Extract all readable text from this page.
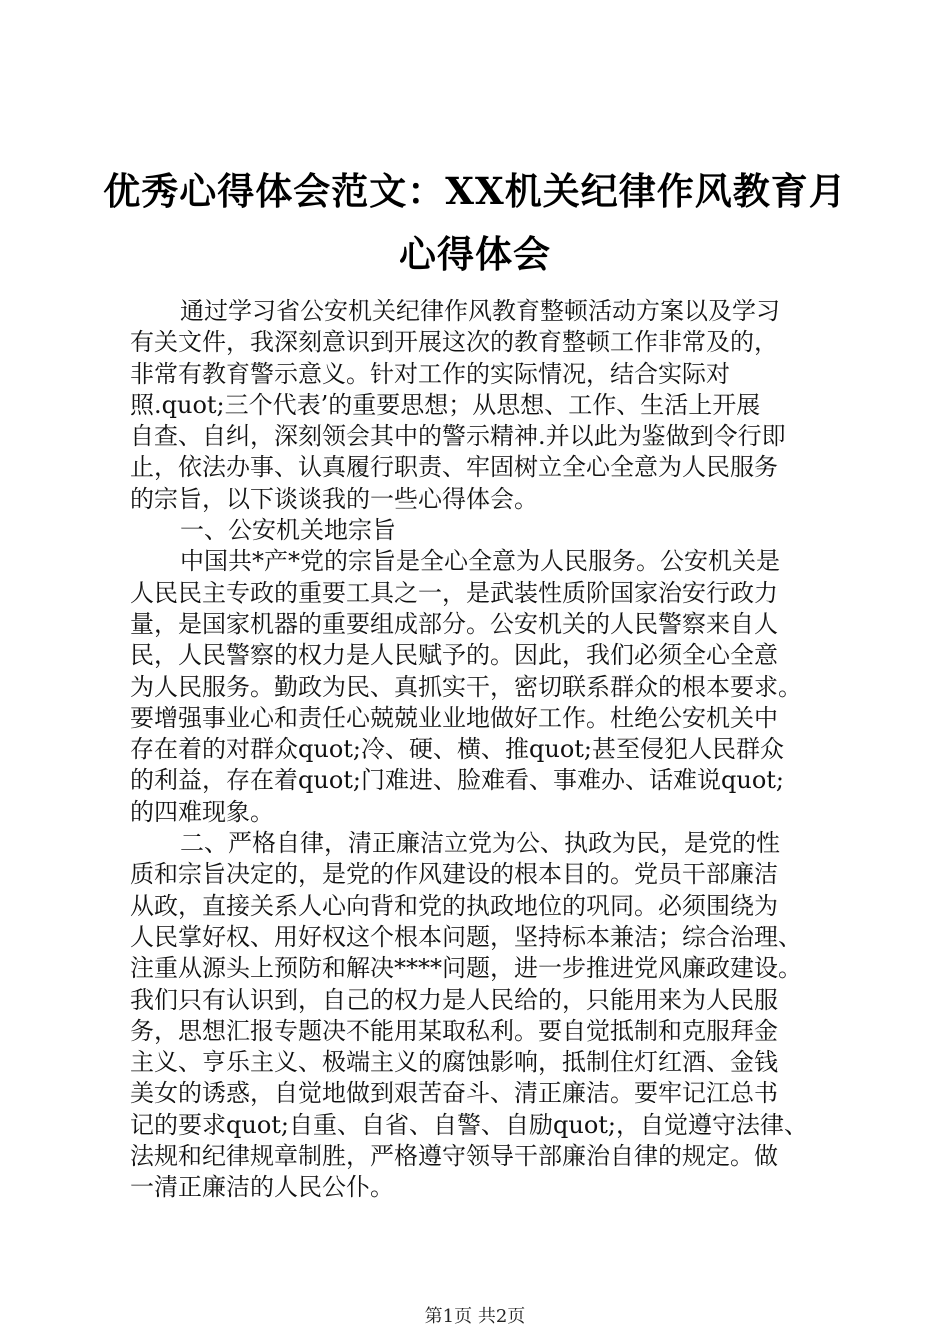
优秀心得体会范文：XX机关纪律作风教育月
心得体会
通过学习省公安机关纪律作风教育整顿活动方案以及学习
有关文件，我深刻意识到开展这次的教育整顿工作非常及的，
非常有教育警示意义。针对工作的实际情况，结合实际对
照.quot;三个代表’的重要思想；从思想、工作、生活上开展
自查、自纠，深刻领会其中的警示精神.并以此为鉴做到令行即
止，依法办事、认真履行职责、牢固树立全心全意为人民服务
的宗旨，以下谈谈我的一些心得体会。
一、公安机关地宗旨
中国共*产*党的宗旨是全心全意为人民服务。公安机关是
人民民主专政的重要工具之一，是武装性质阶国家治安行政力
量，是国家机器的重要组成部分。公安机关的人民警察来自人
民，人民警察的权力是人民赋予的。因此，我们必须全心全意
为人民服务。勤政为民、真抓实干，密切联系群众的根本要求。
要增强事业心和责任心兢兢业业地做好工作。杜绝公安机关中
存在着的对群众quot;冷、硬、横、推quot;甚至侵犯人民群众
的利益，存在着quot;门难进、脸难看、事难办、话难说quot;
的四难现象。
二、严格自律，清正廉洁立党为公、执政为民，是党的性
质和宗旨决定的，是党的作风建设的根本目的。党员干部廉洁
从政，直接关系人心向背和党的执政地位的巩同。必须围绕为
人民掌好权、用好权这个根本问题，坚持标本兼洁；综合治理、
注重从源头上预防和解决****问题，进一步推进党风廉政建设。
我们只有认识到，自己的权力是人民给的，只能用来为人民服
务，思想汇报专题决不能用某取私利。要自觉抵制和克服拜金
主义、亨乐主义、极端主义的腐蚀影响，抵制住灯红酒、金钱
美女的诱惑，自觉地做到艰苦奋斗、清正廉洁。要牢记江总书
记的要求quot;自重、自省、自警、自励quot;，自觉遵守法律、
法规和纪律规章制胜，严格遵守领导干部廉治自律的规定。做
一清正廉洁的人民公仆。
第1页 共2页
